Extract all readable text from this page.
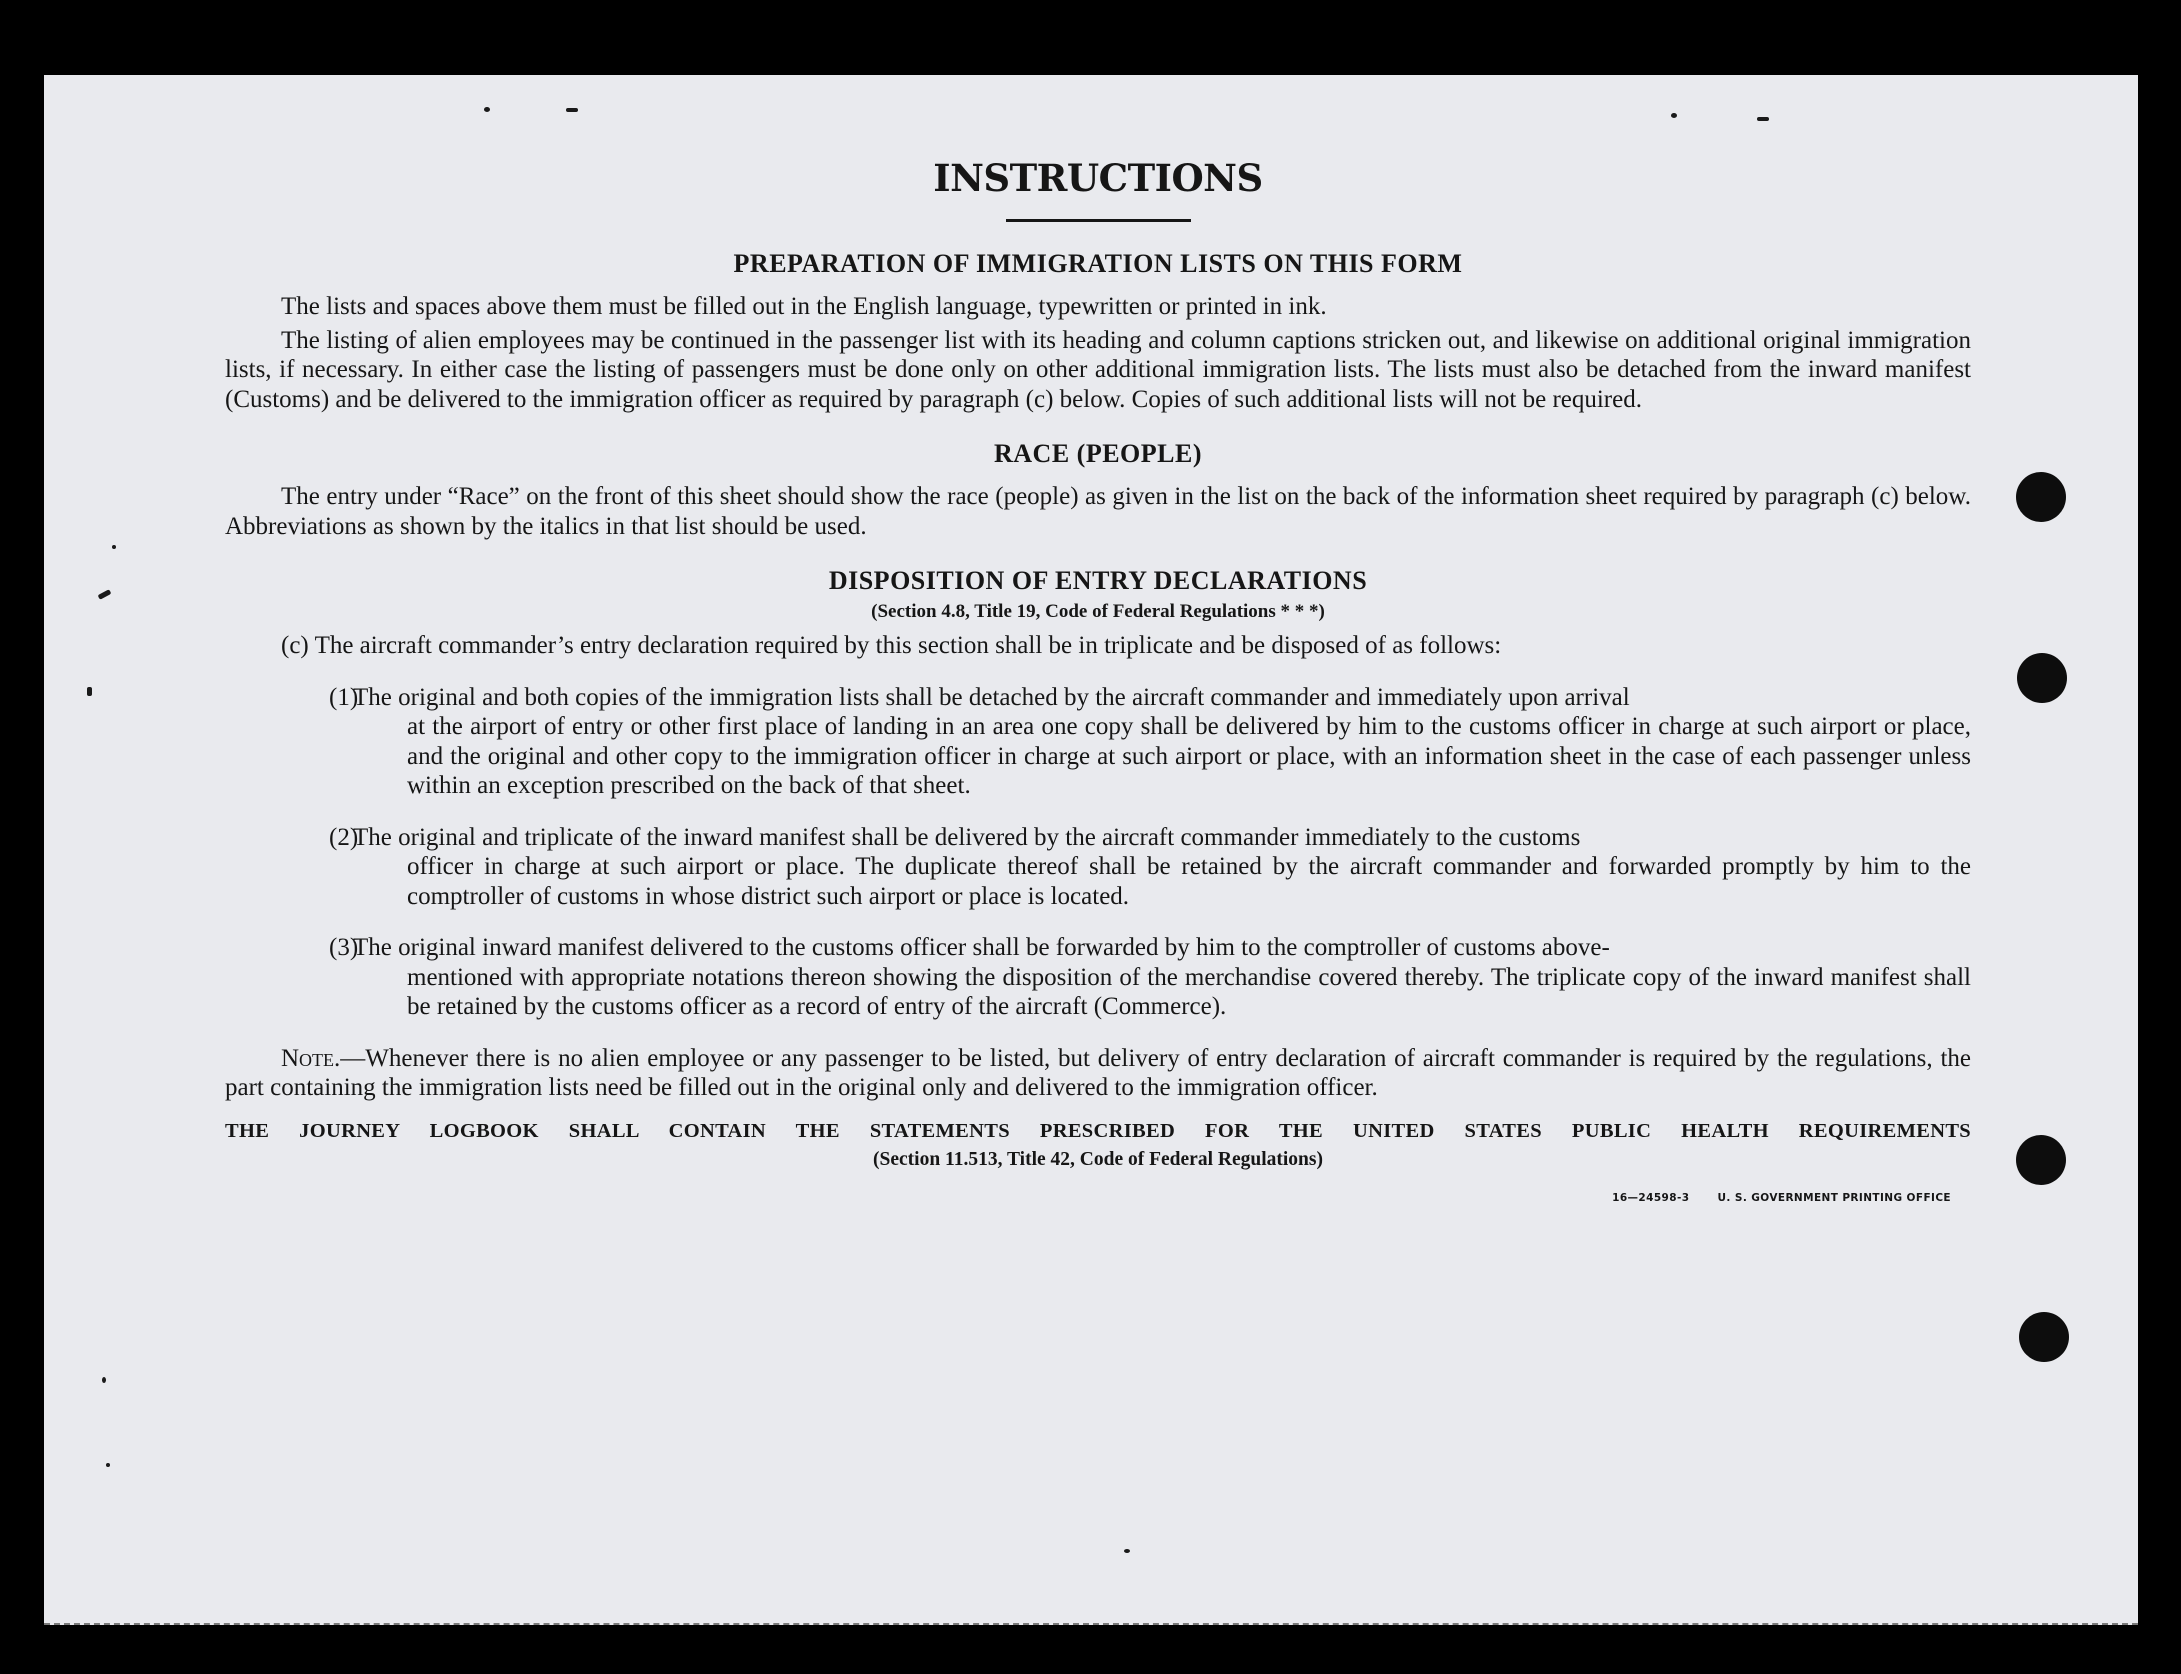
INSTRUCTIONS
PREPARATION OF IMMIGRATION LISTS ON THIS FORM

The lists and spaces above them must be filled out in the English language, typewritten or printed in ink.

The listing of alien employees may be continued in the passenger list with its heading and column captions stricken out, and likewise on additional original immigration lists, if necessary. In either case the listing of passengers must be done only on other additional immigration lists. The lists must also be detached from the inward manifest (Customs) and be delivered to the immigration officer as required by paragraph (c) below. Copies of such additional lists will not be required.

RACE (PEOPLE)

The entry under “Race” on the front of this sheet should show the race (people) as given in the list on the back of the information sheet required by paragraph (c) below. Abbreviations as shown by the italics in that list should be used.

DISPOSITION OF ENTRY DECLARATIONS

(Section 4.8, Title 19, Code of Federal Regulations * * *)

(c) The aircraft commander’s entry declaration required by this section shall be in triplicate and be disposed of as follows:

(1)
The original and both copies of the immigration lists shall be detached by the aircraft commander and immediately upon arrival
at the airport of entry or other first place of landing in an area one copy shall be delivered by him to the customs officer in charge at such airport or place, and the original and other copy to the immigration officer in charge at such airport or place, with an information sheet in the case of each passenger unless within an exception prescribed on the back of that sheet.
(2)
The original and triplicate of the inward manifest shall be delivered by the aircraft commander immediately to the customs
officer in charge at such airport or place. The duplicate thereof shall be retained by the aircraft commander and forwarded promptly by him to the comptroller of customs in whose district such airport or place is located.
(3)
The original inward manifest delivered to the customs officer shall be forwarded by him to the comptroller of customs above-
mentioned with appropriate notations thereon showing the disposition of the merchandise covered thereby. The triplicate copy of the inward manifest shall be retained by the customs officer as a record of entry of the aircraft (Commerce).

Note.—Whenever there is no alien employee or any passenger to be listed, but delivery of entry declaration of aircraft commander is required by the regulations, the part containing the immigration lists need be filled out in the original only and delivered to the immigration officer.

THE JOURNEY LOGBOOK SHALL CONTAIN THE STATEMENTS PRESCRIBED FOR THE UNITED STATES PUBLIC HEALTH REQUIREMENTS

(Section 11.513, Title 42, Code of Federal Regulations)

16—24598-3	U. S. GOVERNMENT PRINTING OFFICE
